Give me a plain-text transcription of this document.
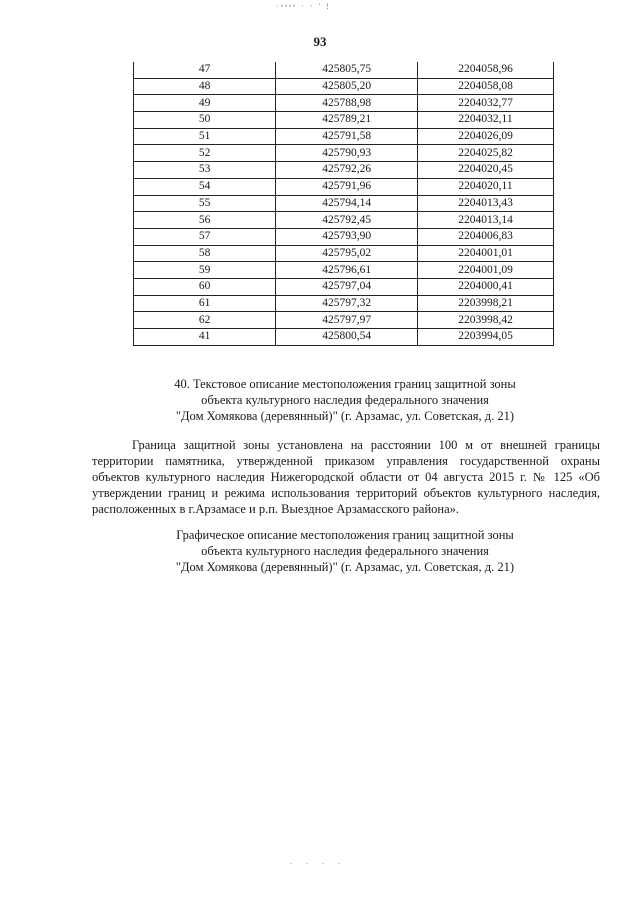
·ᵃᵃᵃᵉ · · ' !
93
47	425805,75	2204058,96
48	425805,20	2204058,08
49	425788,98	2204032,77
50	425789,21	2204032,11
51	425791,58	2204026,09
52	425790,93	2204025,82
53	425792,26	2204020,45
54	425791,96	2204020,11
55	425794,14	2204013,43
56	425792,45	2204013,14
57	425793,90	2204006,83
58	425795,02	2204001,01
59	425796,61	2204001,09
60	425797,04	2204000,41
61	425797,32	2203998,21
62	425797,97	2203998,42
41	425800,54	2203994,05
40. Текстовое описание местоположения границ защитной зоны
объекта культурного наследия федерального значения
"Дом Хомякова (деревянный)" (г. Арзамас, ул. Советская, д. 21)
Граница защитной зоны установлена на расстоянии 100 м от внешней границы
территории памятника, утвержденной приказом управления государственной охраны
объектов культурного наследия Нижегородской области от 04 августа 2015 г. № 125 «Об
утверждении границ и режима использования территорий объектов культурного наследия,
расположенных в г.Арзамасе и р.п. Выездное Арзамасского района».
Графическое описание местоположения границ защитной зоны
объекта культурного наследия федерального значения
"Дом Хомякова (деревянный)" (г. Арзамас, ул. Советская, д. 21)
. . . .
